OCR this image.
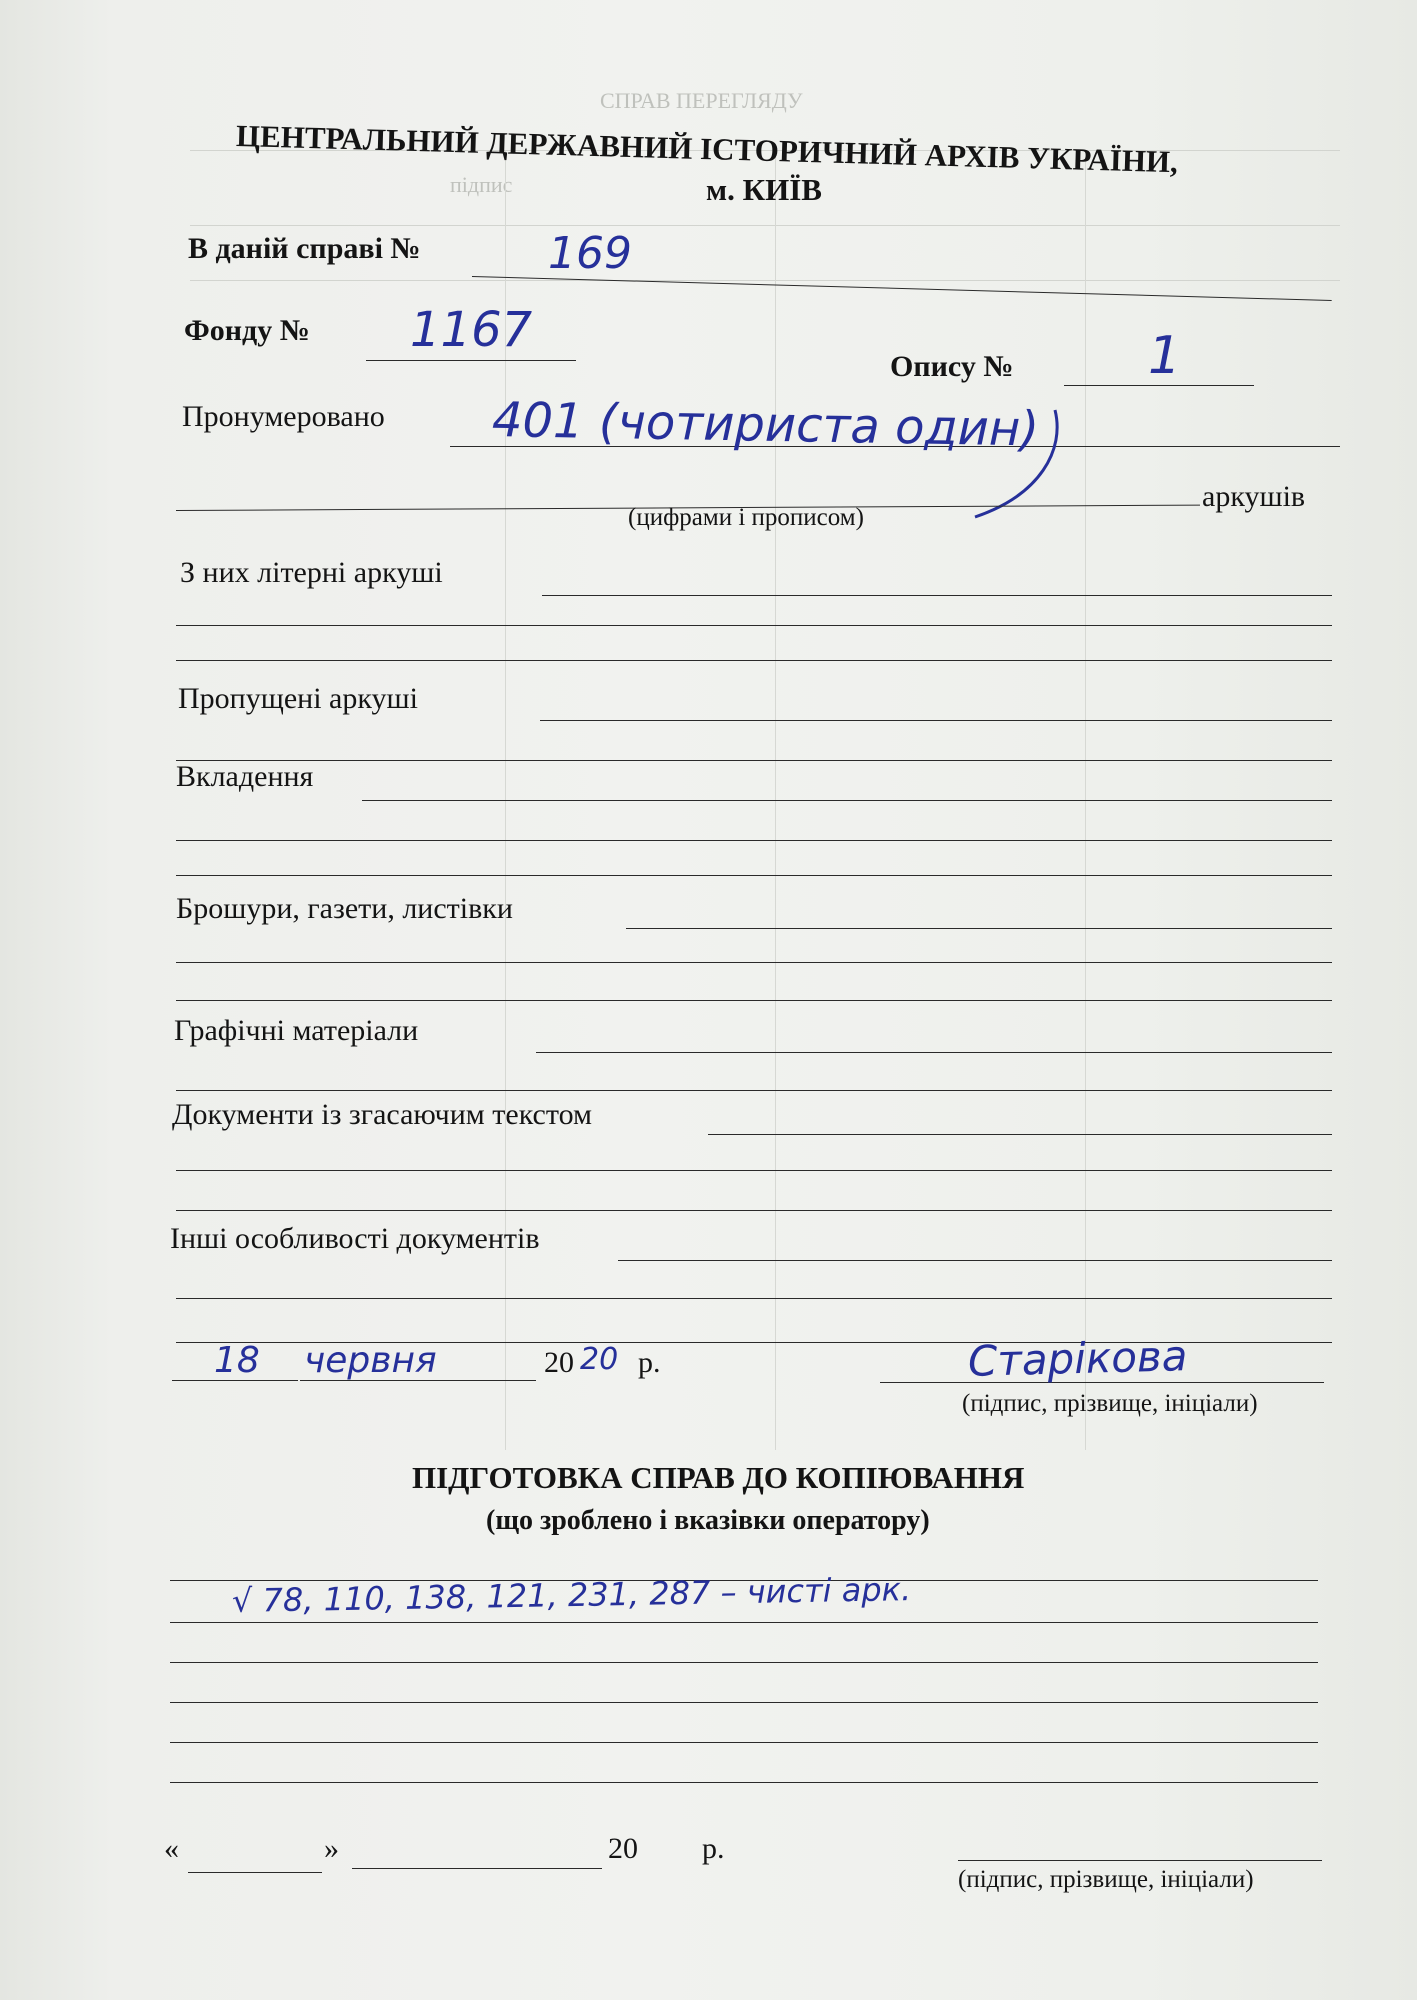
СПРАВ ПЕРЕГЛЯДУ
підпис
ЦЕНТРАЛЬНИЙ ДЕРЖАВНИЙ ІСТОРИЧНИЙ АРХІВ УКРАЇНИ,
м. КИЇВ
В даній справі №	169
Фонду № 1167
Опису №	1
Пронумеровано 401 (чотириста один)
аркушів
(цифрами і прописом)
З них літерні аркуші
Пропущені аркуші
Вкладення
Брошури, газети, листівки
Графічні матеріали
Документи із згасаючим текстом
Інші особливості документів
18 червня	20 20 р.	Старікова
(підпис, прізвище, ініціали)
ПІДГОТОВКА СПРАВ ДО КОПІЮВАННЯ
(що зроблено і вказівки оператору)
√ 78, 110, 138, 121, 231, 287 – чисті арк.
«	»	20 р.
(підпис, прізвище, ініціали)
